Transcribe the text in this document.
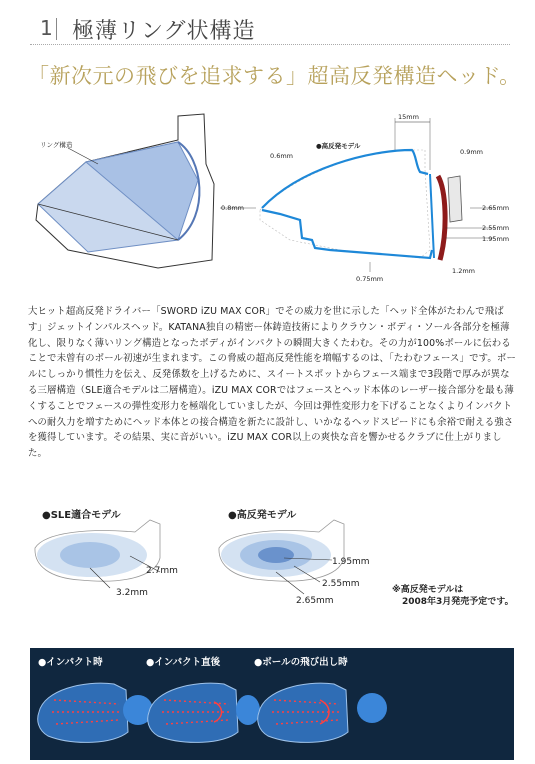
1 極薄リング状構造
「新次元の飛びを追求する」超高反発構造ヘッド。
リング構造	●高反発モデル
15mm
0.6mm	0.9mm
0.8mm	2.65mm
2.55mm
1.95mm
0.75mm
1.2mm
大ヒット超高反発ドライバー「SWORD iZU MAX COR」でその威力を世に示した「ヘッド全体がたわんで飛ばす」ジェットインパルスヘッド。KATANA独自の精密ー体鋳造技術によりクラウン・ボディ・ソール各部分を極薄化し、限りなく薄いリング構造となったボディがインパクトの瞬間大きくたわむ。その力が100%ボールに伝わることで未曾有のボール初速が生まれます。この脅威の超高反発性能を増幅するのは、「たわむフェース」です。ボールにしっかり慣性力を伝え、反発係数を上げるために、スイートスポットからフェース端まで3段階で厚みが異なる三層構造（SLE適合モデルは二層構造）。iZU MAX CORではフェースとヘッド本体のレーザー接合部分を最も薄くすることでフェースの弾性変形力を極端化していましたが、今回は弾性変形力を下げることなくよりインパクトへの耐久力を増すためにヘッド本体との接合構造を新たに設計し、いかなるヘッドスピードにも余裕で耐える強さを獲得しています。その結果、実に音がいい。iZU MAX COR以上の爽快な音を響かせるクラブに仕上がりました。
●SLE適合モデル
2.7mm
3.2mm
●高反発モデル
1.95mm
2.55mm
2.65mm
※高反発モデルは
2008年3月発売予定です。
●インパクト時	●インパクト直後	●ボールの飛び出し時
